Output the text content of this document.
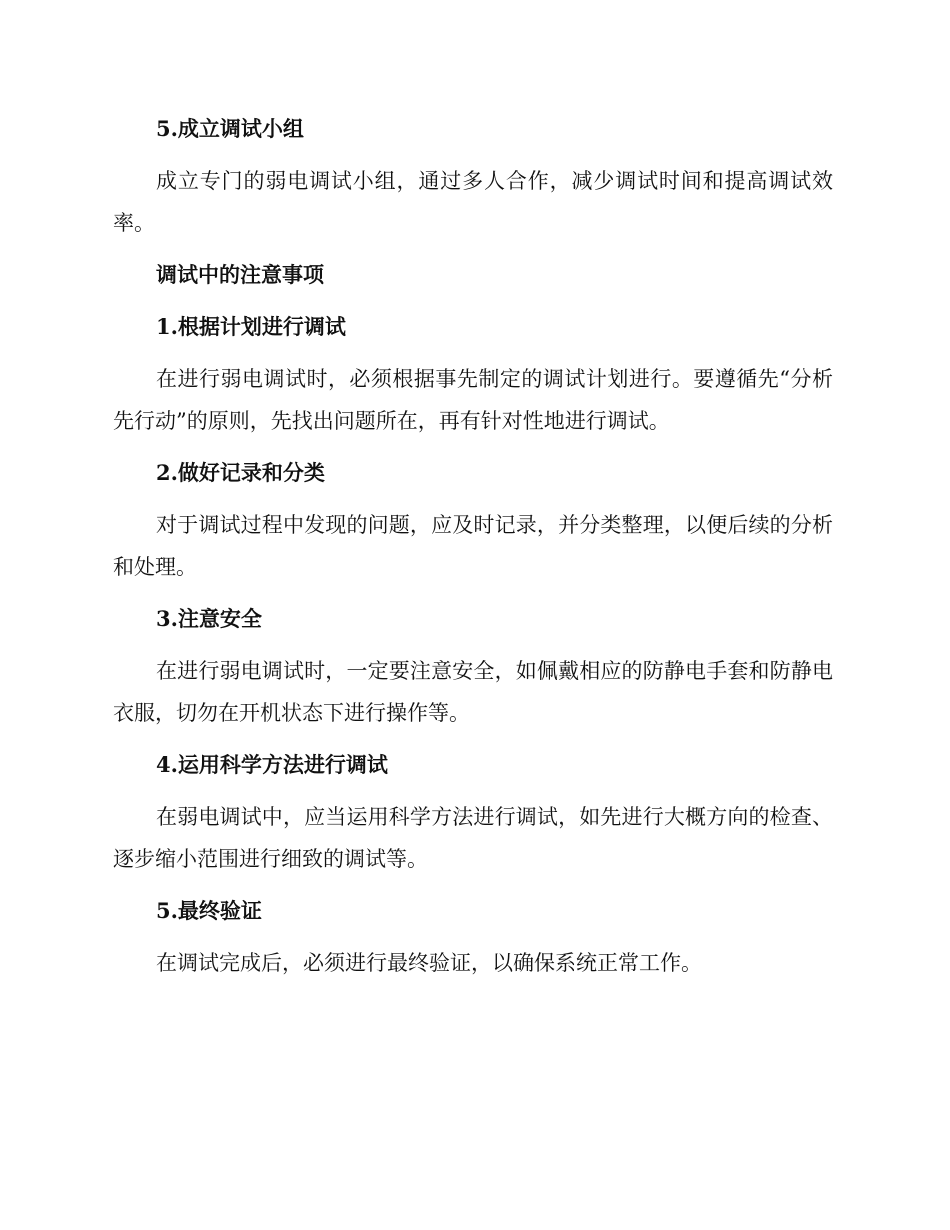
5.成立调试小组
成立专门的弱电调试小组，通过多人合作，减少调试时间和提高调试效率。
调试中的注意事项
1.根据计划进行调试
在进行弱电调试时，必须根据事先制定的调试计划进行。要遵循先“分析先行动”的原则，先找出问题所在，再有针对性地进行调试。
2.做好记录和分类
对于调试过程中发现的问题，应及时记录，并分类整理，以便后续的分析和处理。
3.注意安全
在进行弱电调试时，一定要注意安全，如佩戴相应的防静电手套和防静电衣服，切勿在开机状态下进行操作等。
4.运用科学方法进行调试
在弱电调试中，应当运用科学方法进行调试，如先进行大概方向的检查、逐步缩小范围进行细致的调试等。
5.最终验证
在调试完成后，必须进行最终验证，以确保系统正常工作。
